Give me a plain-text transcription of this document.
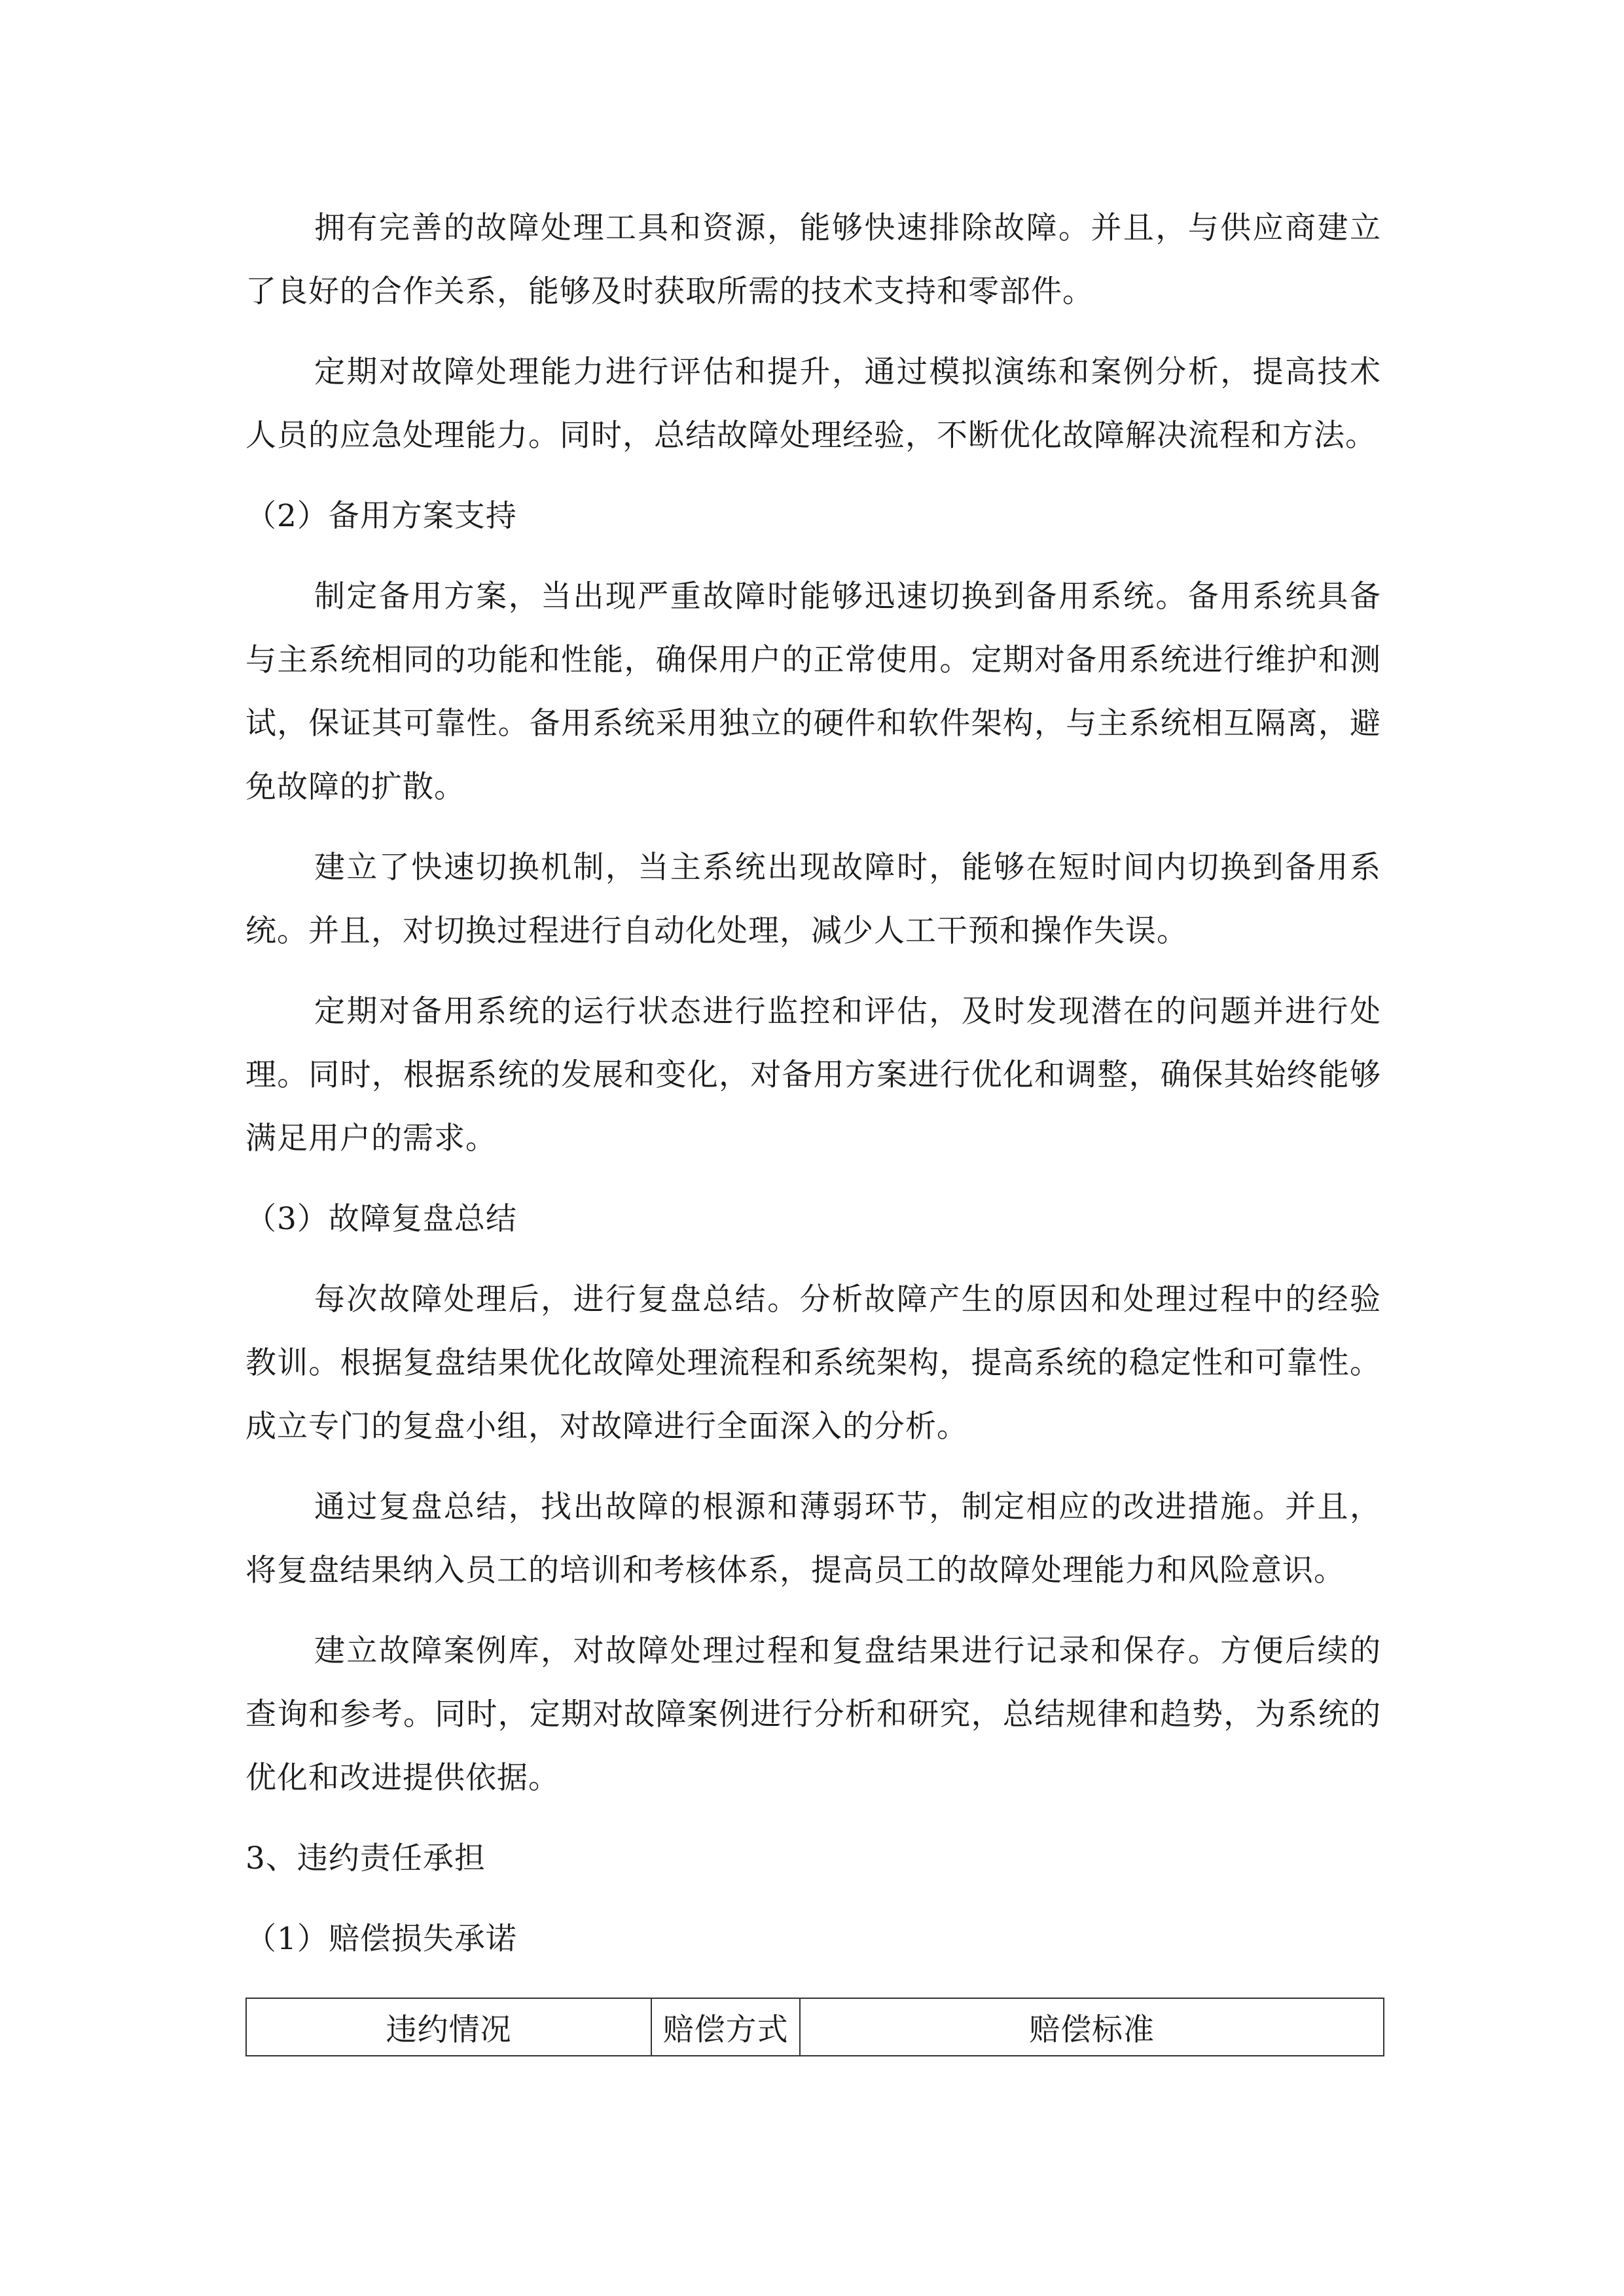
拥有完善的故障处理工具和资源，能够快速排除故障。并且，与供应商建立了良好的合作关系，能够及时获取所需的技术支持和零部件。

定期对故障处理能力进行评估和提升，通过模拟演练和案例分析，提高技术人员的应急处理能力。同时，总结故障处理经验，不断优化故障解决流程和方法。

（2）备用方案支持

制定备用方案，当出现严重故障时能够迅速切换到备用系统。备用系统具备与主系统相同的功能和性能，确保用户的正常使用。定期对备用系统进行维护和测试，保证其可靠性。备用系统采用独立的硬件和软件架构，与主系统相互隔离，避免故障的扩散。

建立了快速切换机制，当主系统出现故障时，能够在短时间内切换到备用系统。并且，对切换过程进行自动化处理，减少人工干预和操作失误。

定期对备用系统的运行状态进行监控和评估，及时发现潜在的问题并进行处理。同时，根据系统的发展和变化，对备用方案进行优化和调整，确保其始终能够满足用户的需求。

（3）故障复盘总结

每次故障处理后，进行复盘总结。分析故障产生的原因和处理过程中的经验教训。根据复盘结果优化故障处理流程和系统架构，提高系统的稳定性和可靠性。成立专门的复盘小组，对故障进行全面深入的分析。

通过复盘总结，找出故障的根源和薄弱环节，制定相应的改进措施。并且，将复盘结果纳入员工的培训和考核体系，提高员工的故障处理能力和风险意识。

建立故障案例库，对故障处理过程和复盘结果进行记录和保存。方便后续的查询和参考。同时，定期对故障案例进行分析和研究，总结规律和趋势，为系统的优化和改进提供依据。

3、违约责任承担

（1）赔偿损失承诺

违约情况	赔偿方式	赔偿标准
